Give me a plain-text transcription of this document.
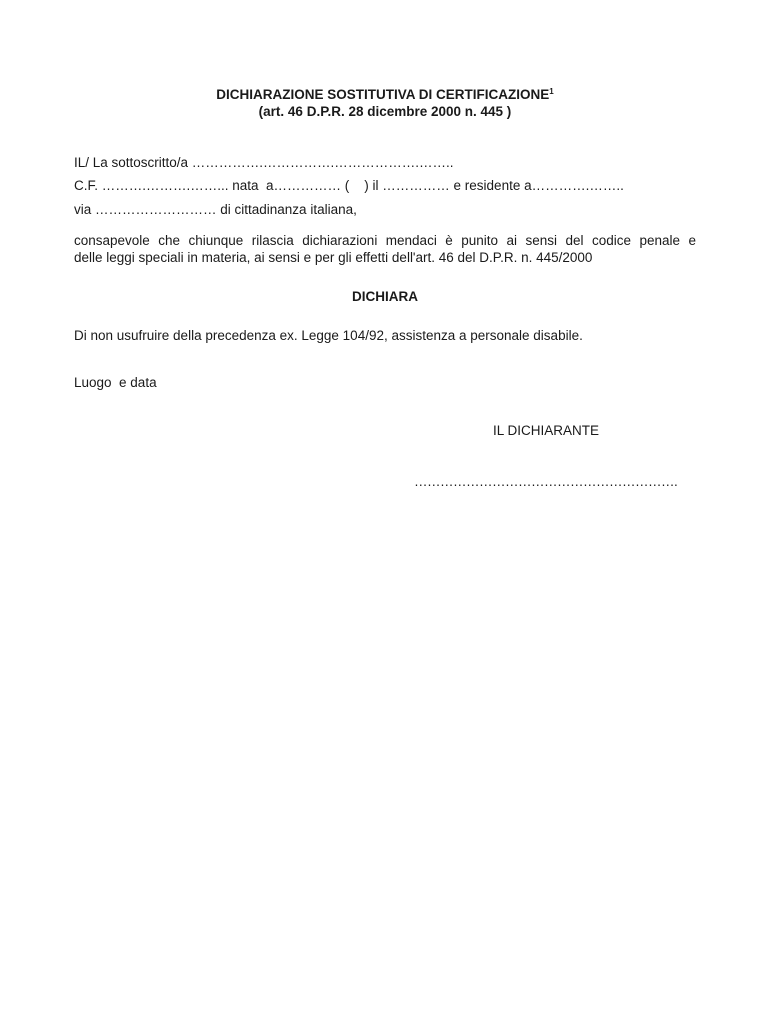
DICHIARAZIONE SOSTITUTIVA DI CERTIFICAZIONE$^1$
(art. 46 D.P.R. 28 dicembre 2000 n. 445 )
IL/ La sottoscritto/a …………….…………….……………….……..
C.F. ……….……….……... nata  a…………… (    ) il …………… e residente a………….……..
via ……………………… di cittadinanza italiana,
consapevole che chiunque rilascia dichiarazioni mendaci è punito ai sensi del codice penale e
delle leggi speciali in materia, ai sensi e per gli effetti dell'art. 46 del D.P.R. n. 445/2000
DICHIARA
Di non usufruire della precedenza ex. Legge 104/92, assistenza a personale disabile.
Luogo  e data
IL DICHIARANTE
…………………………………………………….
